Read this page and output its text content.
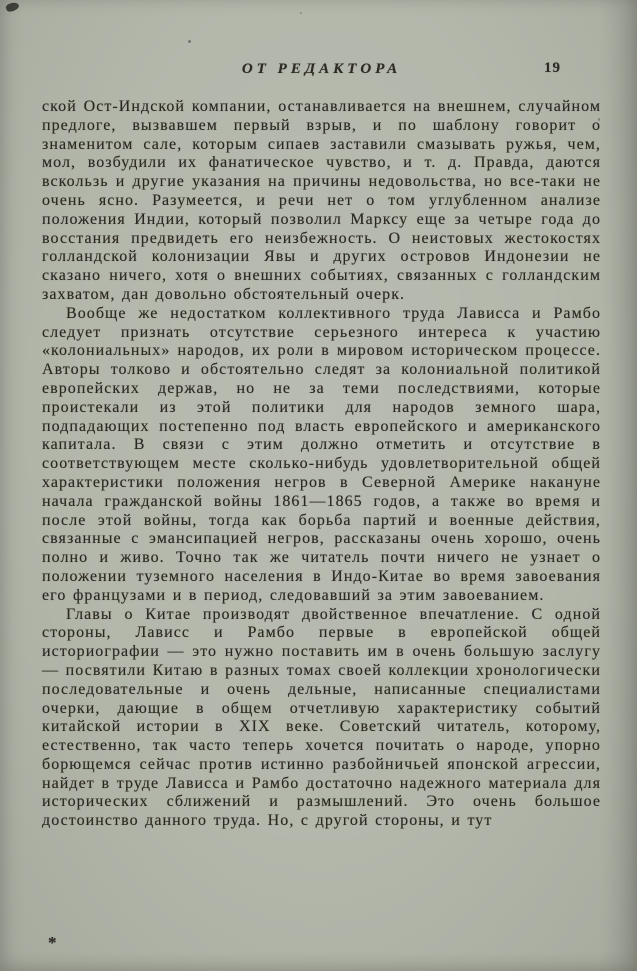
ОТ РЕДАКТОРА	19

ской Ост-Индской компании, останавливается на внешнем, случайном предлоге, вызвавшем первый взрыв, и по шаблону говорит о знаменитом сале, которым сипаев заставили смазывать ружья, чем, мол, возбудили их фанатическое чувство, и т. д. Правда, даются вскользь и другие указания на причины недовольства, но все-таки не очень ясно. Разумеется, и речи нет о том углубленном анализе положения Индии, который позволил Марксу еще за четыре года до восстания предвидеть его неизбежность. О неистовых жестокостях голландской колонизации Явы и других островов Индонезии не сказано ничего, хотя о внешних событиях, связанных с голландским захватом, дан довольно обстоятельный очерк.

Вообще же недостатком коллективного труда Лависса и Рамбо следует признать отсутствие серьезного интереса к участию «колониальных» народов, их роли в мировом историческом процессе. Авторы толково и обстоятельно следят за колониальной политикой европейских держав, но не за теми последствиями, которые проистекали из этой политики для народов земного шара, подпадающих постепенно под власть европейского и американского капитала. В связи с этим должно отметить и отсутствие в соответствующем месте сколько-нибудь удовлетворительной общей характеристики положения негров в Северной Америке накануне начала гражданской войны 1861—1865 годов, а также во время и после этой войны, тогда как борьба партий и военные действия, связанные с эмансипацией негров, рассказаны очень хорошо, очень полно и живо. Точно так же читатель почти ничего не узнает о положении туземного населения в Индо-Китае во время завоевания его французами и в период, следовавший за этим завоеванием.

Главы о Китае производят двойственное впечатление. С одной стороны, Лависс и Рамбо первые в европейской общей историографии — это нужно поставить им в очень большую заслугу — посвятили Китаю в разных томах своей коллекции хронологически последовательные и очень дельные, написанные специалистами очерки, дающие в общем отчетливую характеристику событий китайской истории в XIX веке. Советский читатель, которому, естественно, так часто теперь хочется почитать о народе, упорно борющемся сейчас против истинно разбойничьей японской агрессии, найдет в труде Лависса и Рамбо достаточно надежного материала для исторических сближений и размышлений. Это очень большое достоинство данного труда. Но, с другой стороны, и тут

*
